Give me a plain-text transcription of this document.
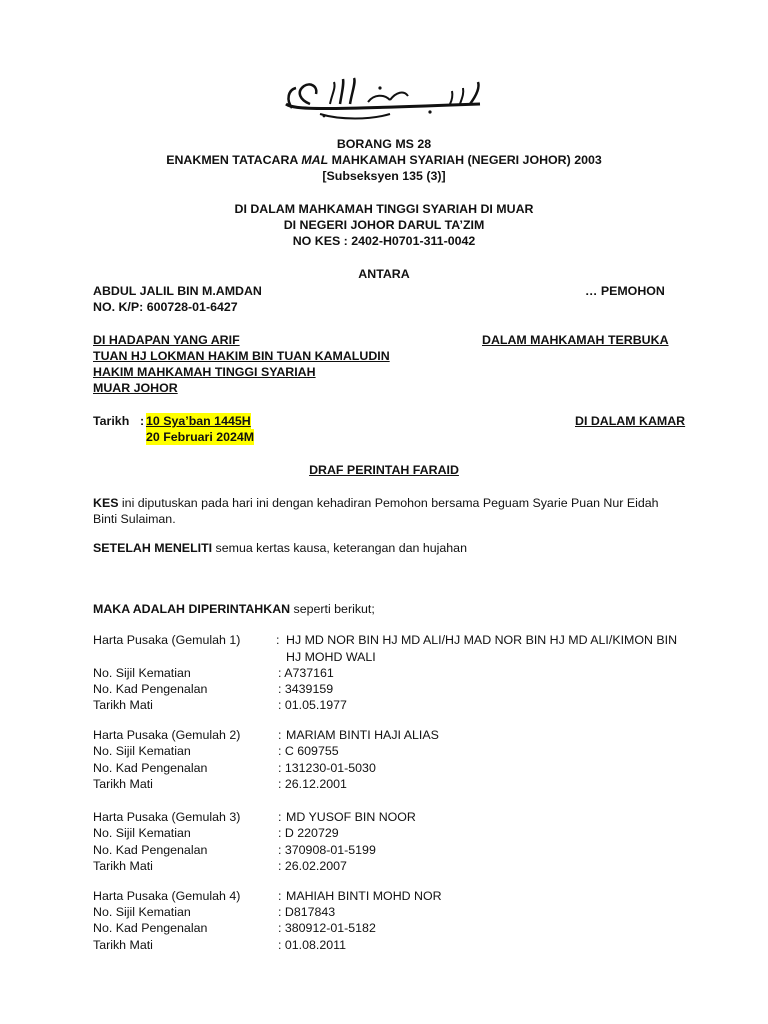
BORANG MS 28
ENAKMEN TATACARA MAL MAHKAMAH SYARIAH (NEGERI JOHOR) 2003
[Subseksyen 135 (3)]
DI DALAM MAHKAMAH TINGGI SYARIAH DI MUAR
DI NEGERI JOHOR DARUL TA’ZIM
NO KES : 2402-H0701-311-0042
ANTARA
ABDUL JALIL BIN M.AMDAN	… PEMOHON
NO. K/P: 600728-01-6427
DI HADAPAN YANG ARIF	DALAM MAHKAMAH TERBUKA
TUAN HJ LOKMAN HAKIM BIN TUAN KAMALUDIN
HAKIM MAHKAMAH TINGGI SYARIAH
MUAR JOHOR
Tarikh : 10 Sya’ban 1445H
20 Februari 2024M
DI DALAM KAMAR
DRAF PERINTAH FARAID
KES ini diputuskan pada hari ini dengan kehadiran Pemohon bersama Peguam Syarie Puan Nur Eidah
Binti Sulaiman.
SETELAH MENELITI semua kertas kausa, keterangan dan hujahan
MAKA ADALAH DIPERINTAHKAN seperti berikut;
Harta Pusaka (Gemulah 1)	: HJ MD NOR BIN HJ MD ALI/HJ MAD NOR BIN HJ MD ALI/KIMON BIN
HJ MOHD WALI
No. Sijil Kematian	: A737161
No. Kad Pengenalan	: 3439159
Tarikh Mati	: 01.05.1977
Harta Pusaka (Gemulah 2)	: MARIAM BINTI HAJI ALIAS
No. Sijil Kematian	: C 609755
No. Kad Pengenalan	: 131230-01-5030
Tarikh Mati	: 26.12.2001
Harta Pusaka (Gemulah 3)	: MD YUSOF BIN NOOR
No. Sijil Kematian	: D 220729
No. Kad Pengenalan	: 370908-01-5199
Tarikh Mati	: 26.02.2007
Harta Pusaka (Gemulah 4)	: MAHIAH BINTI MOHD NOR
No. Sijil Kematian	: D817843
No. Kad Pengenalan	: 380912-01-5182
Tarikh Mati	: 01.08.2011
